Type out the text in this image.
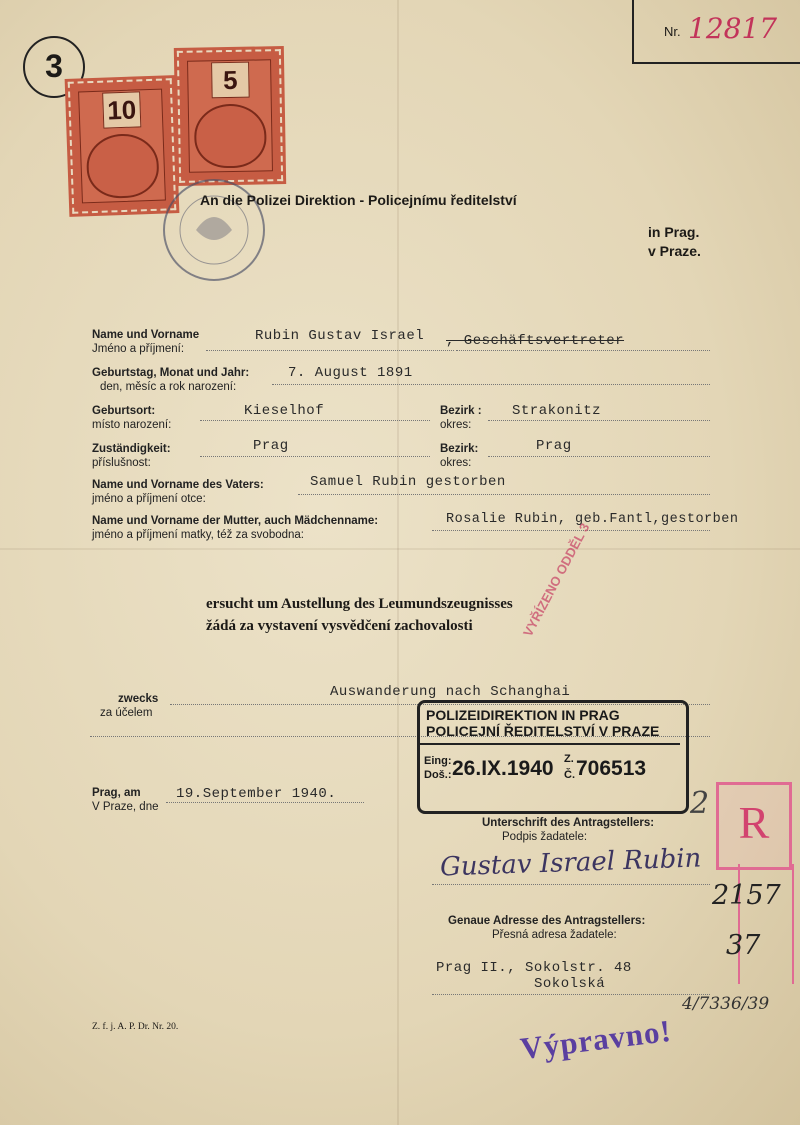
Nr. 12817
3
10
5
An die Polizei Direktion - Policejnímu ředitelství
in Prag.
v Praze.
Name und Vorname
Jméno a příjmení:
Rubin Gustav Israel , Geschäftsvertreter
Geburtstag, Monat und Jahr:
den, měsíc a rok narození:
7. August 1891
Geburtsort:
místo narození:
Kieselhof	Bezirk :
okres:
Strakonitz
Zuständigkeit:
příslušnost:
Prag	Bezirk:
okres:
Prag
Name und Vorname des Vaters:
jméno a příjmení otce:
Samuel Rubin gestorben
Name und Vorname der Mutter, auch Mädchenname:
jméno a příjmení matky, též za svobodna:
Rosalie Rubin, geb.Fantl,gestorben
ersucht um Austellung des Leumundszeugnisses
žádá za vystavení vysvědčení zachovalosti	VYŘÍZENO ODDĚL 3
zwecks
za účelem
Auswanderung nach Schanghai
POLIZEIDIREKTION IN PRAG
POLICEJNÍ ŘEDITELSTVÍ V PRAZE
Eing:
Doš.: 26.IX.1940 Z.
Č. 706513
Prag, am
V Praze, dne
19.September 1940.
Unterschrift des Antragstellers:
Podpis žadatele:
Gustav Israel Rubin
Genaue Adresse des Antragstellers:
Přesná adresa žadatele:
Prag II., Sokolstr. 48
Sokolská
2 R
2157
37
4/7336/39
Z. f. j. A. P. Dr. Nr. 20.	Výpravno!
